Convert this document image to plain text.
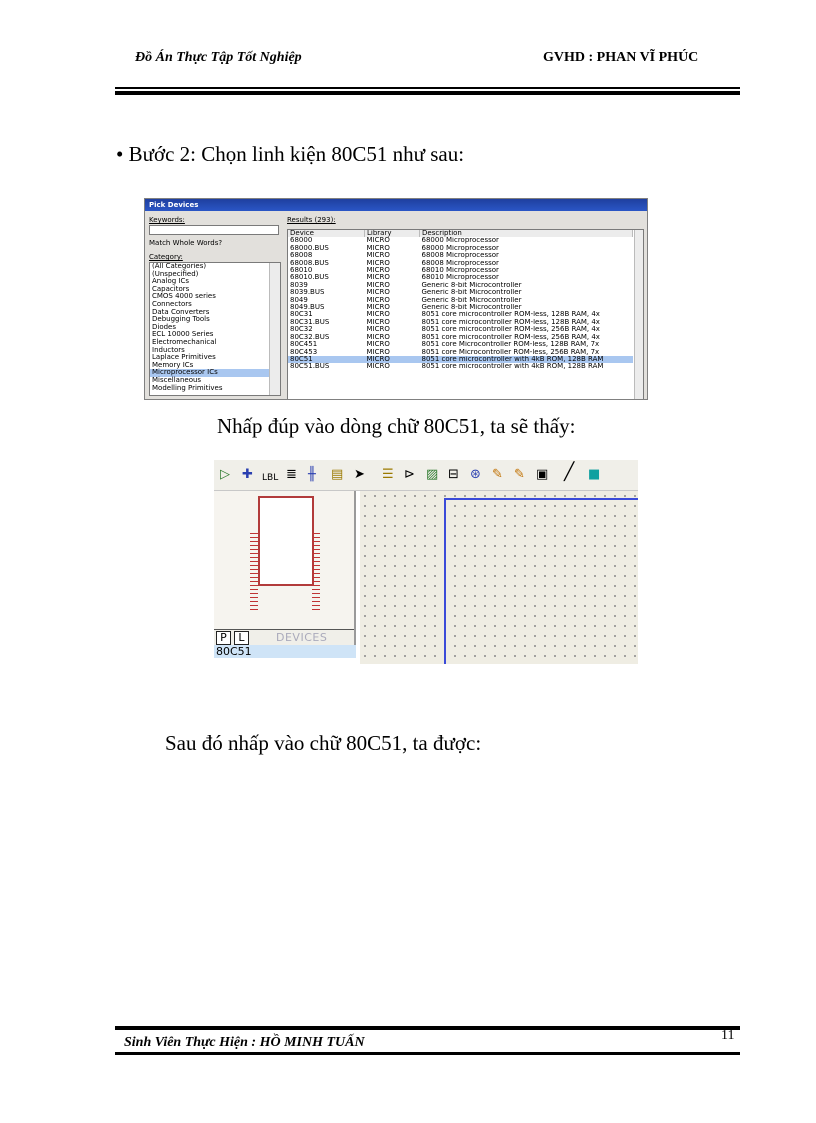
Đồ Án Thực Tập Tốt Nghiệp	GVHD : PHAN VĨ PHÚC
• Bước 2: Chọn linh kiện 80C51 như sau:
Pick Devices
Keywords:
Match Whole Words?
Category:
(All Categories)
(Unspecified)
Analog ICs
Capacitors
CMOS 4000 series
Connectors
Data Converters
Debugging Tools
Diodes
ECL 10000 Series
Electromechanical
Inductors
Laplace Primitives
Memory ICs
Microprocessor ICs
Miscellaneous
Modelling Primitives
Results (293):
Device	Library	Description
68000	MICRO	68000 Microprocessor
68000.BUS	MICRO	68000 Microprocessor
68008	MICRO	68008 Microprocessor
68008.BUS	MICRO	68008 Microprocessor
68010	MICRO	68010 Microprocessor
68010.BUS	MICRO	68010 Microprocessor
8039	MICRO	Generic 8-bit Microcontroller
8039.BUS	MICRO	Generic 8-bit Microcontroller
8049	MICRO	Generic 8-bit Microcontroller
8049.BUS	MICRO	Generic 8-bit Microcontroller
80C31	MICRO	8051 core microcontroller ROM-less, 128B RAM, 4x
80C31.BUS	MICRO	8051 core microcontroller ROM-less, 128B RAM, 4x
80C32	MICRO	8051 core microcontroller ROM-less, 256B RAM, 4x
80C32.BUS	MICRO	8051 core microcontroller ROM-less, 256B RAM, 4x
80C451	MICRO	8051 core Microcontroller ROM-less, 128B RAM, 7x
80C453	MICRO	8051 core Microcontroller ROM-less, 256B RAM, 7x
80C51	MICRO	8051 core microcontroller with 4kB ROM, 128B RAM
80C51.BUS	MICRO	8051 core microcontroller with 4kB ROM, 128B RAM
Nhấp đúp vào dòng chữ 80C51, ta sẽ thấy:
▷ ✚ LBL ≣ ╫ ▤ ➤ ☰ ⊳ ▨ ⊟ ⊛ ✎ ✎ ▣ ╱ ■
P	L	DEVICES
80C51
Sau đó nhấp vào chữ 80C51, ta được:
Sinh Viên Thực Hiện : HỒ MINH TUẤN	11
